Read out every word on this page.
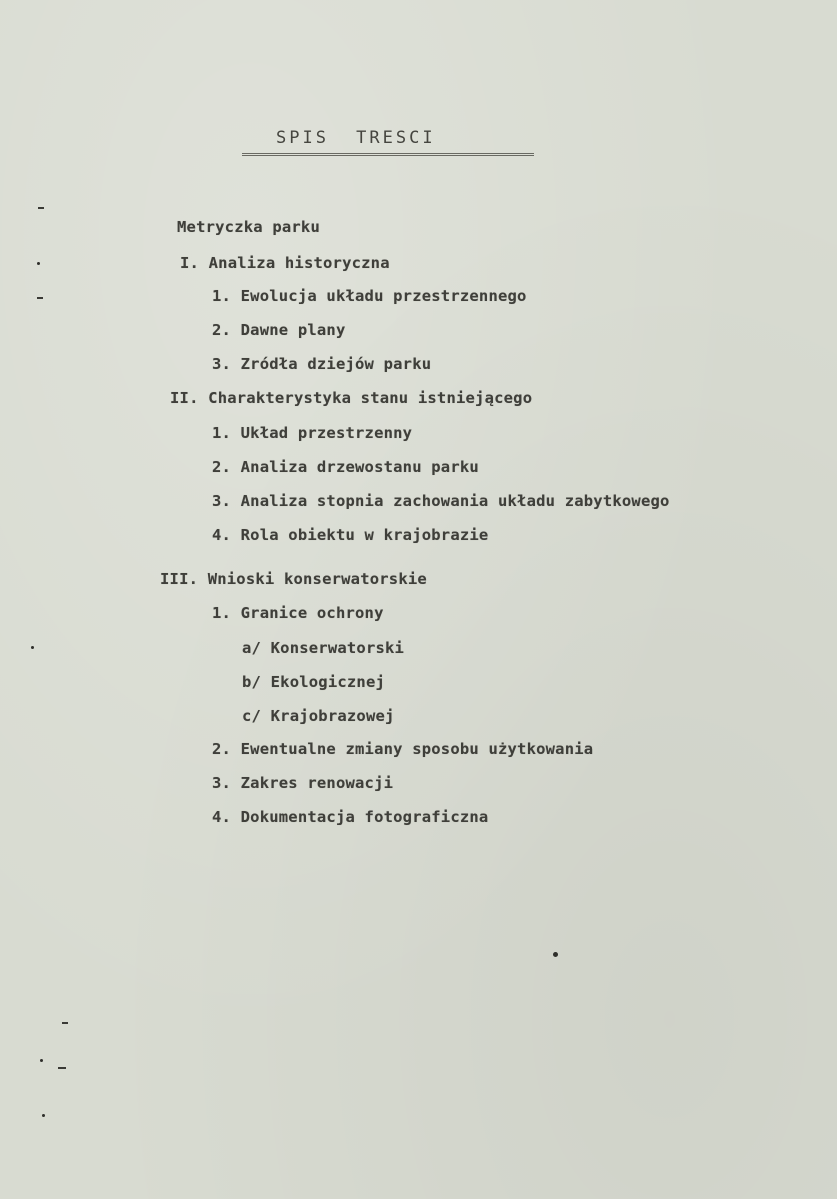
SPIS TRESCI
Metryczka parku
I. Analiza historyczna
1. Ewolucja układu przestrzennego
2. Dawne plany
3. Zródła dziejów parku
II. Charakterystyka stanu istniejącego
1. Układ przestrzenny
2. Analiza drzewostanu parku
3. Analiza stopnia zachowania układu zabytkowego
4. Rola obiektu w krajobrazie
III. Wnioski konserwatorskie
1. Granice ochrony
a/ Konserwatorski
b/ Ekologicznej
c/ Krajobrazowej
2. Ewentualne zmiany sposobu użytkowania
3. Zakres renowacji
4. Dokumentacja fotograficzna
